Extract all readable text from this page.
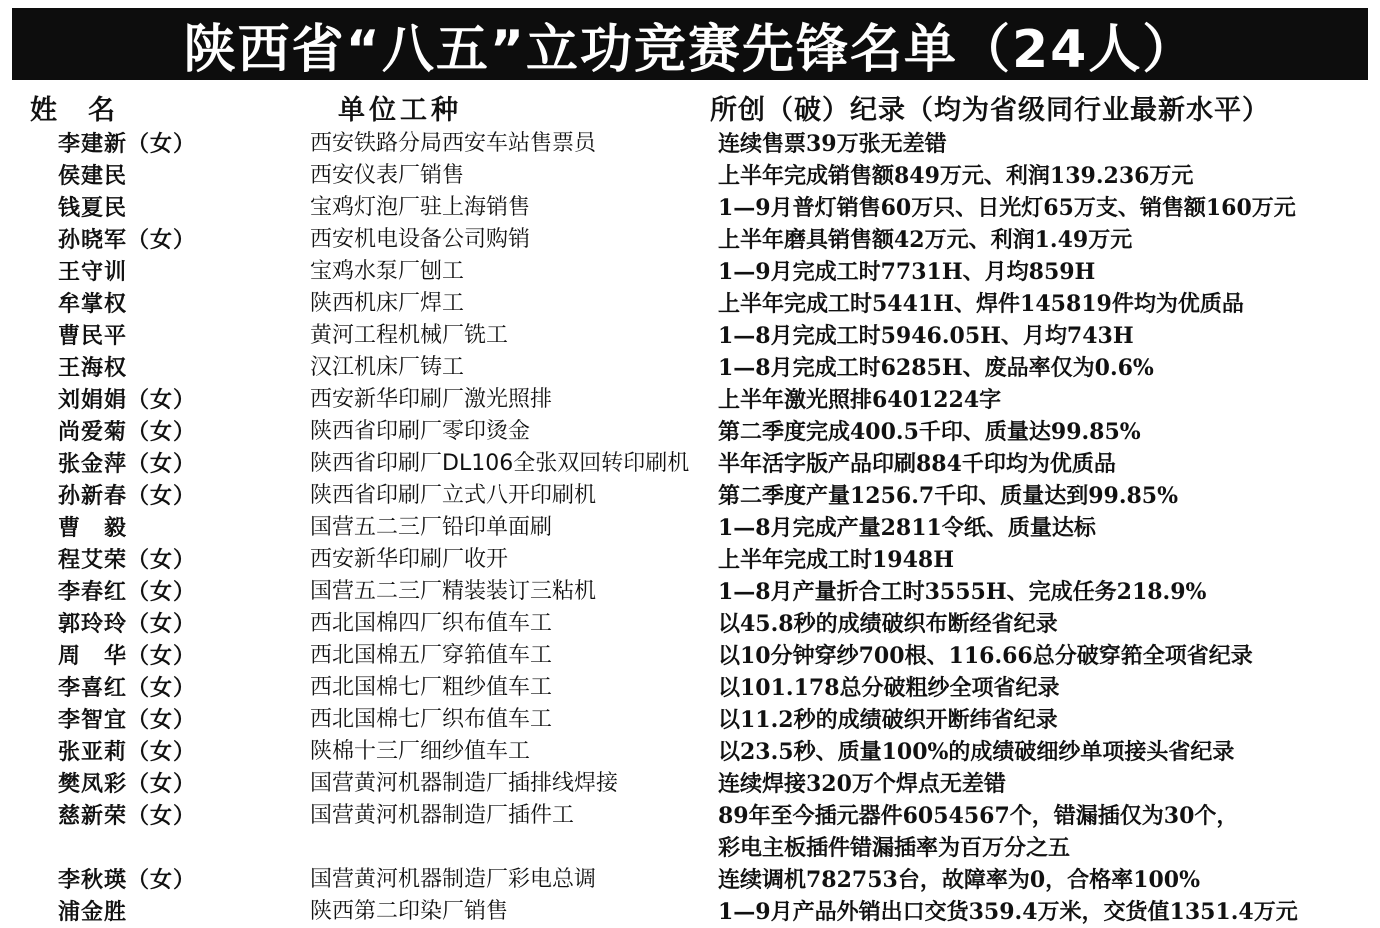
陕西省“八五”立功竞赛先锋名单（24人）
姓　名	单位工种	所创（破）纪录（均为省级同行业最新水平）
李建新（女）	西安铁路分局西安车站售票员	连续售票39万张无差错
侯建民	西安仪表厂销售	上半年完成销售额849万元、利润139.236万元
钱夏民	宝鸡灯泡厂驻上海销售	1—9月普灯销售60万只、日光灯65万支、销售额160万元
孙晓军（女）	西安机电设备公司购销	上半年磨具销售额42万元、利润1.49万元
王守训	宝鸡水泵厂刨工	1—9月完成工时7731H、月均859H
牟掌权	陕西机床厂焊工	上半年完成工时5441H、焊件145819件均为优质品
曹民平	黄河工程机械厂铣工	1—8月完成工时5946.05H、月均743H
王海权	汉江机床厂铸工	1—8月完成工时6285H、废品率仅为0.6%
刘娟娟（女）	西安新华印刷厂激光照排	上半年激光照排6401224字
尚爱菊（女）	陕西省印刷厂零印烫金	第二季度完成400.5千印、质量达99.85%
张金萍（女）	陕西省印刷厂DL106全张双回转印刷机	半年活字版产品印刷884千印均为优质品
孙新春（女）	陕西省印刷厂立式八开印刷机	第二季度产量1256.7千印、质量达到99.85%
曹　毅	国营五二三厂铅印单面刷	1—8月完成产量2811令纸、质量达标
程艾荣（女）	西安新华印刷厂收开	上半年完成工时1948H
李春红（女）	国营五二三厂精装装订三粘机	1—8月产量折合工时3555H、完成任务218.9%
郭玲玲（女）	西北国棉四厂织布值车工	以45.8秒的成绩破织布断经省纪录
周　华（女）	西北国棉五厂穿筘值车工	以10分钟穿纱700根、116.66总分破穿筘全项省纪录
李喜红（女）	西北国棉七厂粗纱值车工	以101.178总分破粗纱全项省纪录
李智宜（女）	西北国棉七厂织布值车工	以11.2秒的成绩破织开断纬省纪录
张亚莉（女）	陕棉十三厂细纱值车工	以23.5秒、质量100%的成绩破细纱单项接头省纪录
樊凤彩（女）	国营黄河机器制造厂插排线焊接	连续焊接320万个焊点无差错
慈新荣（女）	国营黄河机器制造厂插件工	89年至今插元器件6054567个，错漏插仅为30个，
彩电主板插件错漏插率为百万分之五
李秋瑛（女）	国营黄河机器制造厂彩电总调	连续调机782753台，故障率为0，合格率100%
浦金胜	陕西第二印染厂销售	1—9月产品外销出口交货359.4万米，交货值1351.4万元
